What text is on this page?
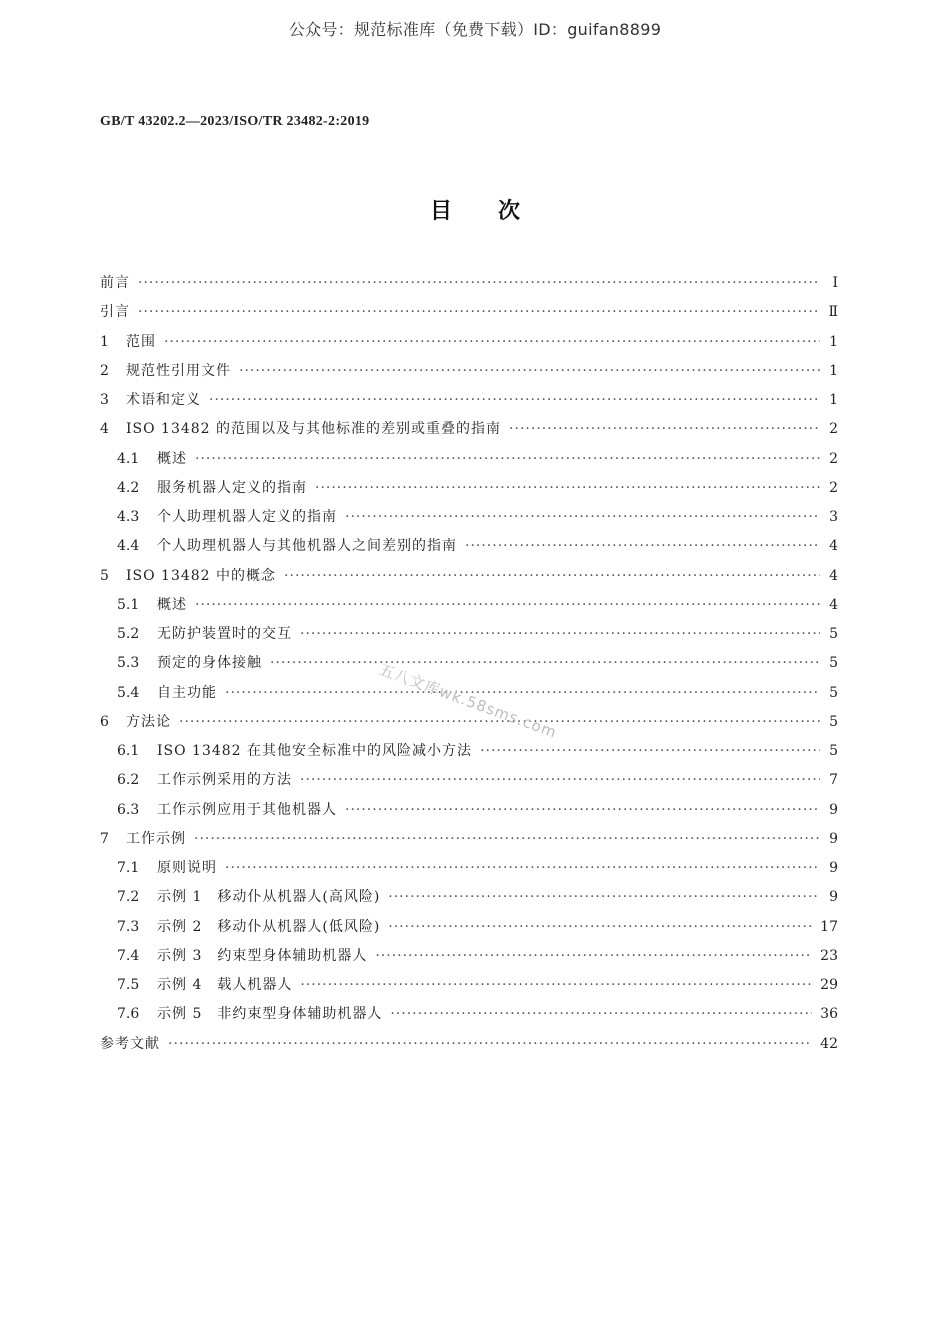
公众号：规范标准库（免费下载）ID：guifan8899
GB/T 43202.2—2023/ISO/TR 23482-2:2019
目次
前言 ·····	Ⅰ
引言 ·····	Ⅱ
1	范围 ·····	1
2	规范性引用文件 ·····	1
3	术语和定义 ·····	1
4	ISO 13482 的范围以及与其他标准的差别或重叠的指南 ·····	2
4.1	概述 ·····	2
4.2	服务机器人定义的指南 ·····	2
4.3	个人助理机器人定义的指南 ·····	3
4.4	个人助理机器人与其他机器人之间差别的指南 ·····	4
5	ISO 13482 中的概念 ·····	4
5.1	概述 ·····	4
5.2	无防护装置时的交互 ·····	5
5.3	预定的身体接触 ·····	5
5.4	自主功能 ·····	5
6	方法论 ·····	5
6.1	ISO 13482 在其他安全标准中的风险减小方法 ·····	5
6.2	工作示例采用的方法 ·····	7
6.3	工作示例应用于其他机器人 ·····	9
7	工作示例 ·····	9
7.1	原则说明 ·····	9
7.2	示例 1　移动仆从机器人(高风险) ·····	9
7.3	示例 2　移动仆从机器人(低风险) ·····	17
7.4	示例 3　约束型身体辅助机器人 ·····	23
7.5	示例 4　载人机器人 ·····	29
7.6	示例 5　非约束型身体辅助机器人 ·····	36
参考文献 ·····	42
五八文库wk.58sms.com
